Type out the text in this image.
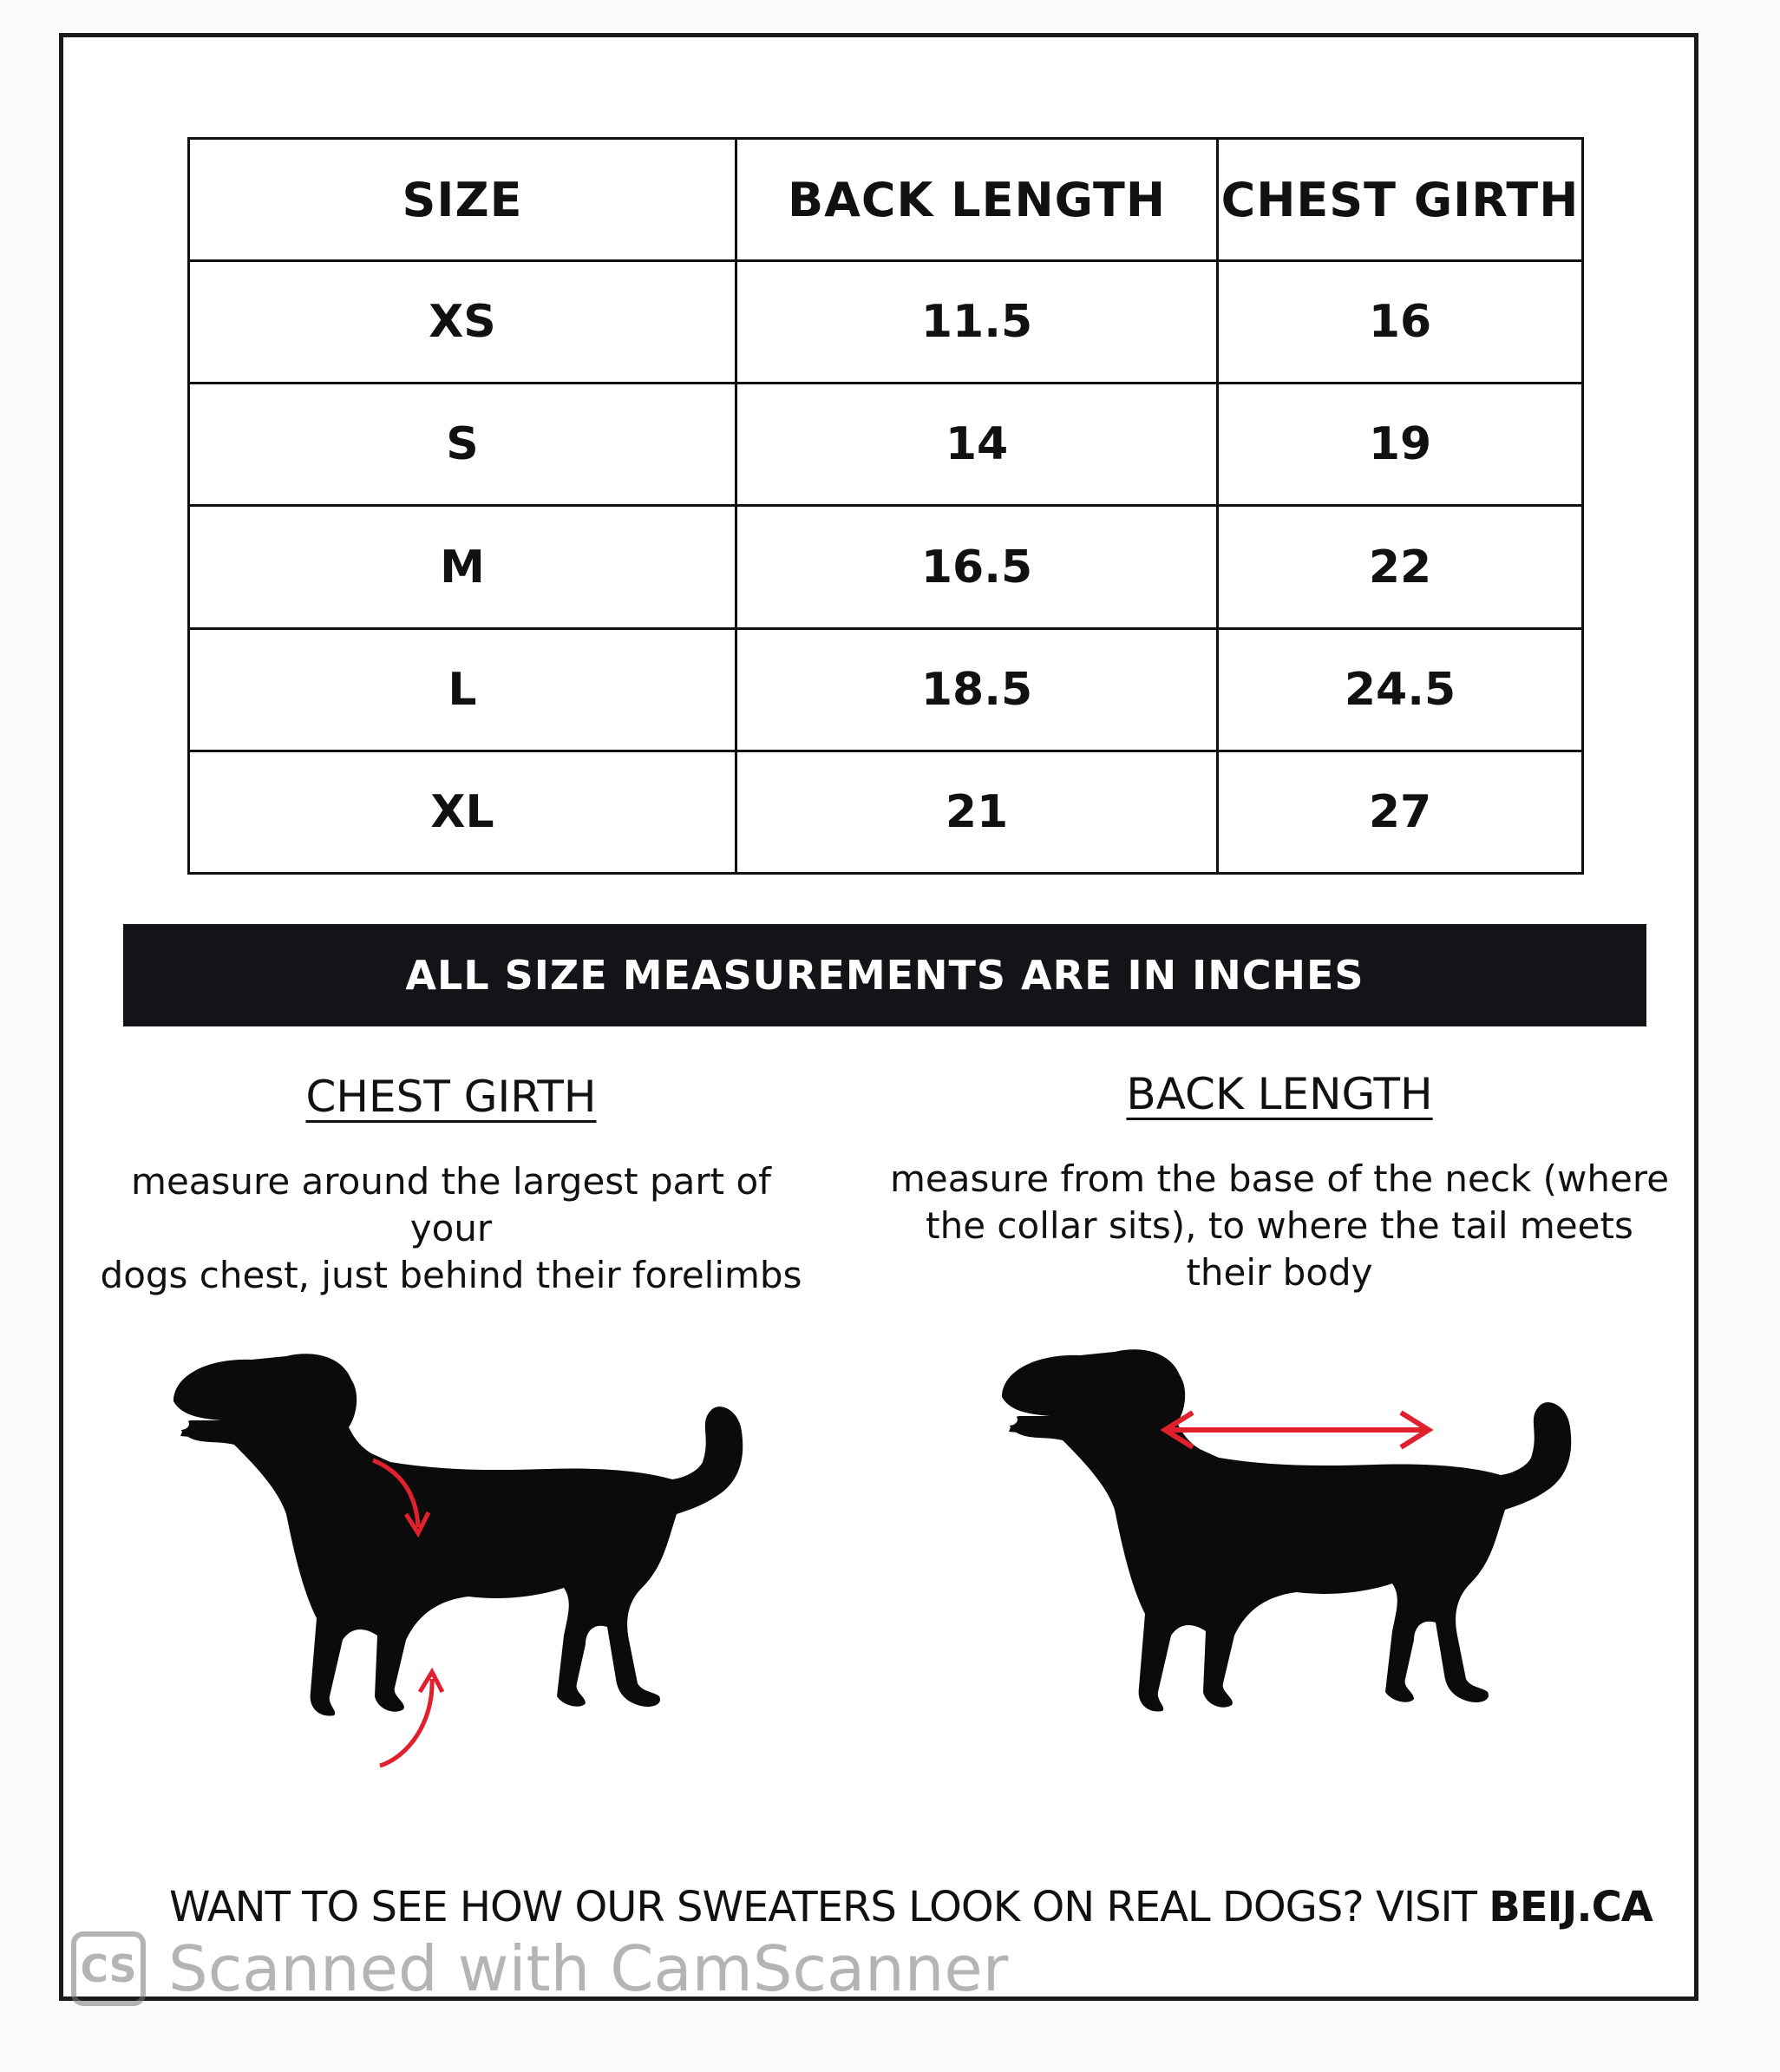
SIZE	BACK LENGTH	CHEST GIRTH
XS	11.5	16
S	14	19
M	16.5	22
L	18.5	24.5
XL	21	27
ALL SIZE MEASUREMENTS ARE IN INCHES
CHEST GIRTH
measure around the largest part of your
dogs chest, just behind their forelimbs
BACK LENGTH
measure from the base of the neck (where
the collar sits), to where the tail meets
their body
WANT TO SEE HOW OUR SWEATERS LOOK ON REAL DOGS? VISIT BEIJ.CA
CS Scanned with CamScanner
